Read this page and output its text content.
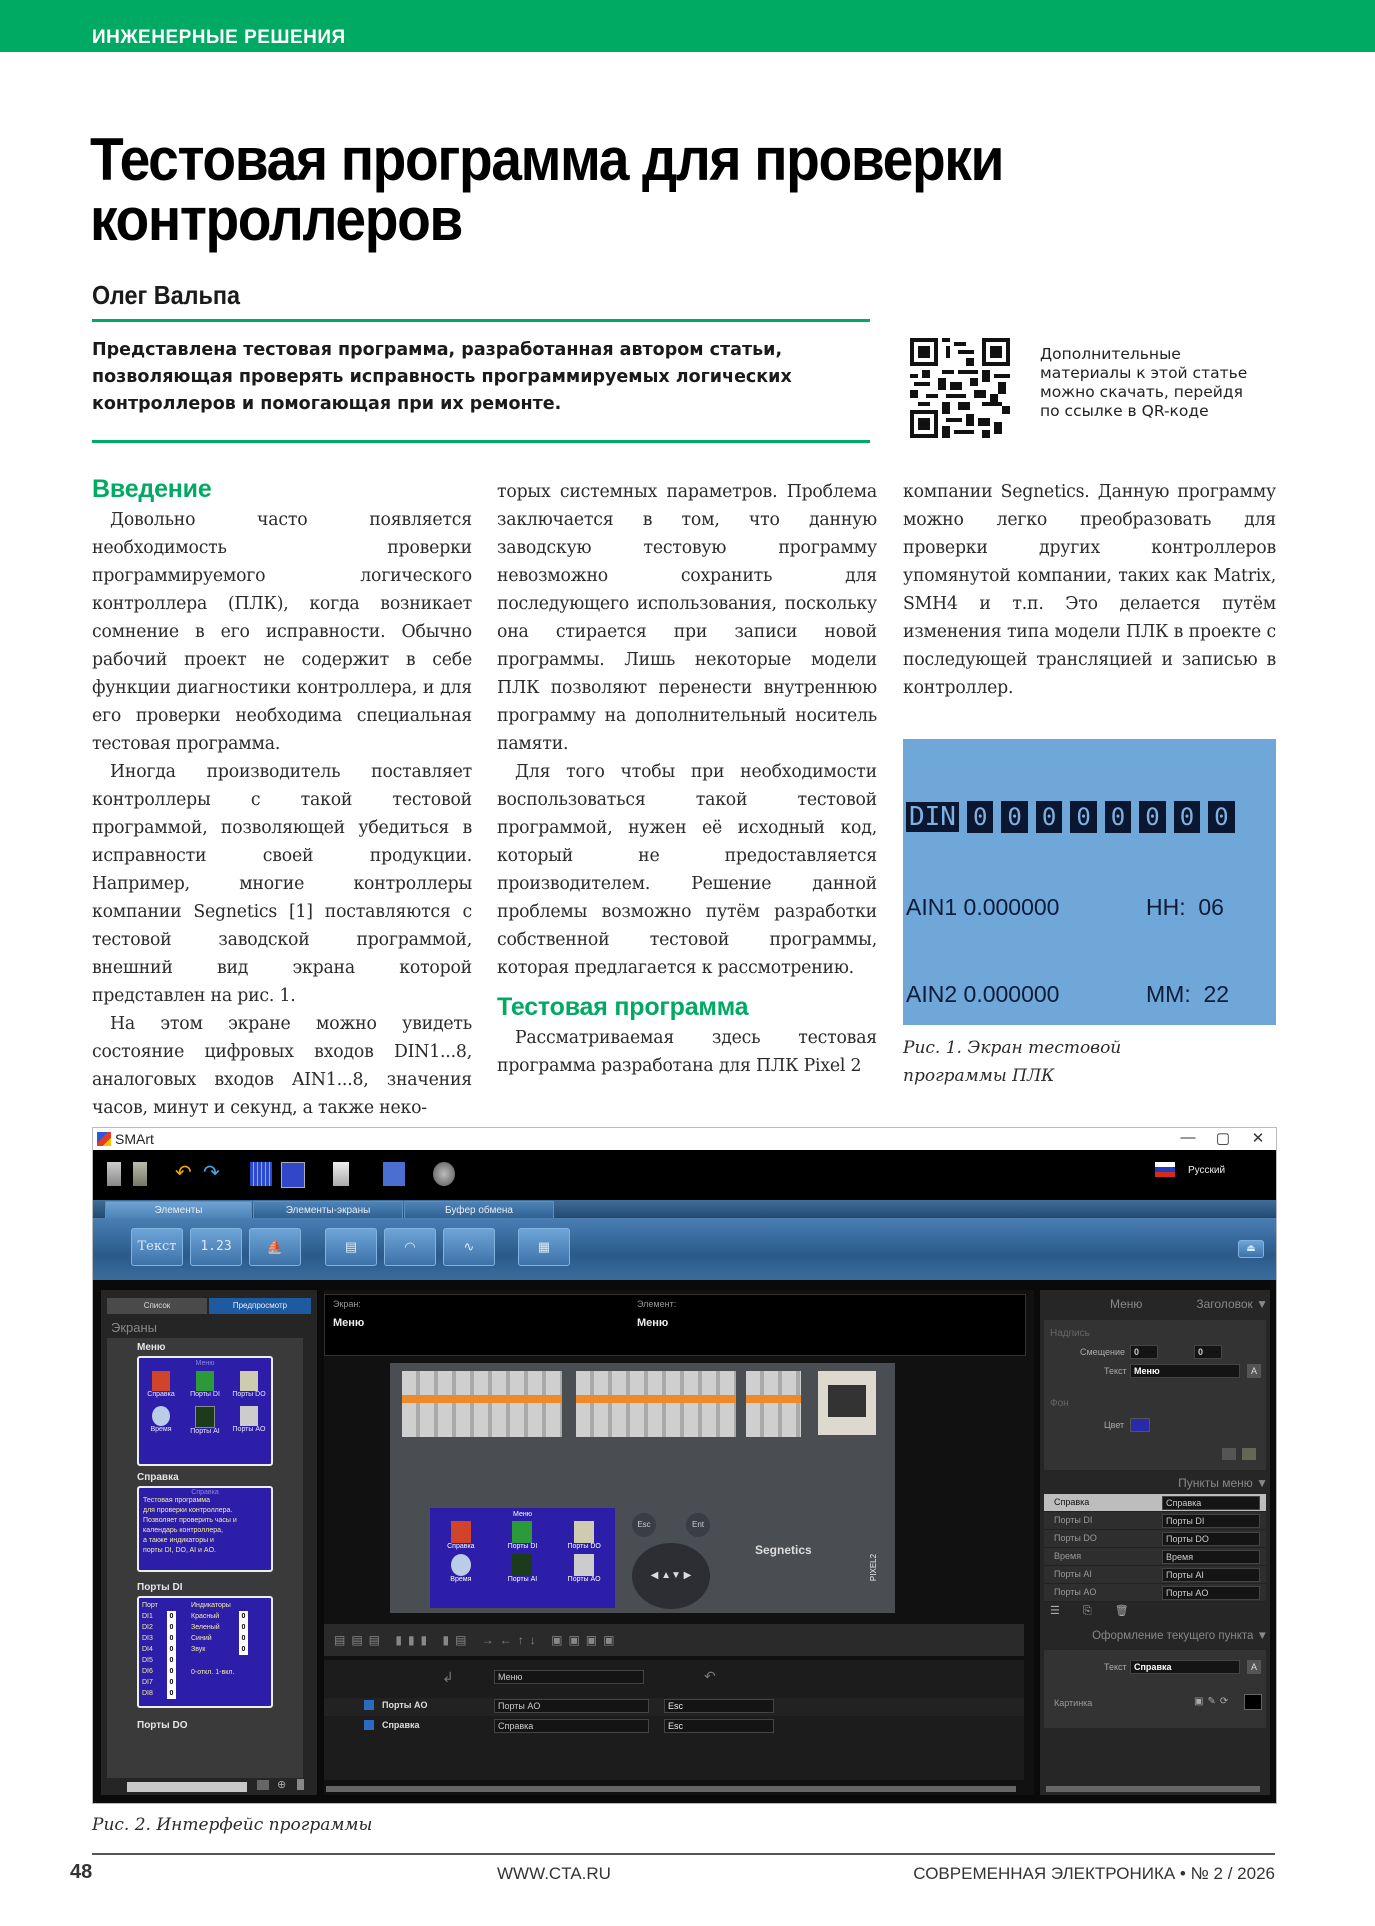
ИНЖЕНЕРНЫЕ РЕШЕНИЯ
Тестовая программа для проверки
контроллеров
Олег Вальпа
Представлена тестовая программа, разработанная автором статьи, позволяющая проверять исправность программируемых логических контроллеров и помогающая при их ремонте.
Дополнительные
материалы к этой статье
можно скачать, перейдя
по ссылке в QR-коде
Введение

Довольно часто появляется необходимость проверки программируемого логического контроллера (ПЛК), когда возникает сомнение в его исправности. Обычно рабочий проект не содержит в себе функции диагностики контроллера, и для его проверки необходима специальная тестовая программа.

Иногда производитель поставляет контроллеры с такой тестовой программой, позволяющей убедиться в исправности своей продукции. Например, многие контроллеры компании Segnetics [1] поставляются с тестовой заводской программой, внешний вид экрана которой представлен на рис. 1.

На этом экране можно увидеть состояние цифровых входов DIN1...8, аналоговых входов AIN1...8, значения часов, минут и секунд, а также неко-

торых системных параметров. Проблема заключается в том, что данную заводскую тестовую программу невозможно сохранить для последующего использования, поскольку она стирается при записи новой программы. Лишь некоторые модели ПЛК позволяют перенести внутреннюю программу на дополнительный носитель памяти.

Для того чтобы при необходимости воспользоваться такой тестовой программой, нужен её исходный код, который не предоставляется производителем. Решение данной проблемы возможно путём разработки собственной тестовой программы, которая предлагается к рассмотрению.

Тестовая программа

Рассматриваемая здесь тестовая программа разработана для ПЛК Pixel 2

компании Segnetics. Данную программу можно легко преобразовать для проверки других контроллеров упомянутой компании, таких как Matrix, SMH4 и т.п. Это делается путём изменения типа модели ПЛК в проекте с последующей трансляцией и записью в контроллер.

DIN 0 0 0 0 0 0 0 0

AIN1 0.000000	HH:  06

AIN2 0.000000	MM:  22

Рис. 1. Экран тестовой
программы ПЛК
SMArt	—	▢	✕
↶ ↷	Русский
Элементы	Элементы-экраны	Буфер обмена
Текст	1.23	⛵	▤	◠	∿	▦	⏏
Список	Предпросмотр
Экраны
Меню
Меню
Справка	Порты DI	Порты DO
Время	Порты AI	Порты AO
Справка
Справка
Тестовая программа
для проверки контроллера.
Позволяет проверить часы и
календарь контроллера,
а также индикаторы и
порты DI, DO, AI и AO.
Порты DI
Порт
DI1
DI2
DI3
DI4
DI5
DI6
DI7
DI8
0
0
0
0
0
0
0
0
Индикаторы
Красный
Зеленый
Синий
Звук
0-откл. 1-вкл.
0
0
0
0
Порты DO
⊕
Экран:
Меню
Элемент:
Меню
Меню
Справка	Порты DI	Порты DO
Время	Порты AI	Порты AO
Esc	Ent
◀ ▲▼ ▶
Segnetics
PIXEL2
▤▤▤ ▮▮▮ ▮▤ →←↑↓ ▣▣▣▣
↲	Меню	↶
Порты AO	Порты AO	Esc
Справка	Справка	Esc
Меню	Заголовок ▼
Надпись
Смещение 0	0
Текст Меню	A
Фон
Цвет
Пункты меню ▼
Справка	Справка
Порты DI	Порты DI
Порты DO	Порты DO
Время	Время
Порты AI	Порты AI
Порты AO	Порты AO
☰ ⎘ 🗑
Оформление текущего пункта ▼
Текст Справка	A
Картинка	▣✎⟳
Рис. 2. Интерфейс программы
48	WWW.CTA.RU	СОВРЕМЕННАЯ ЭЛЕКТРОНИКА • № 2 / 2026
